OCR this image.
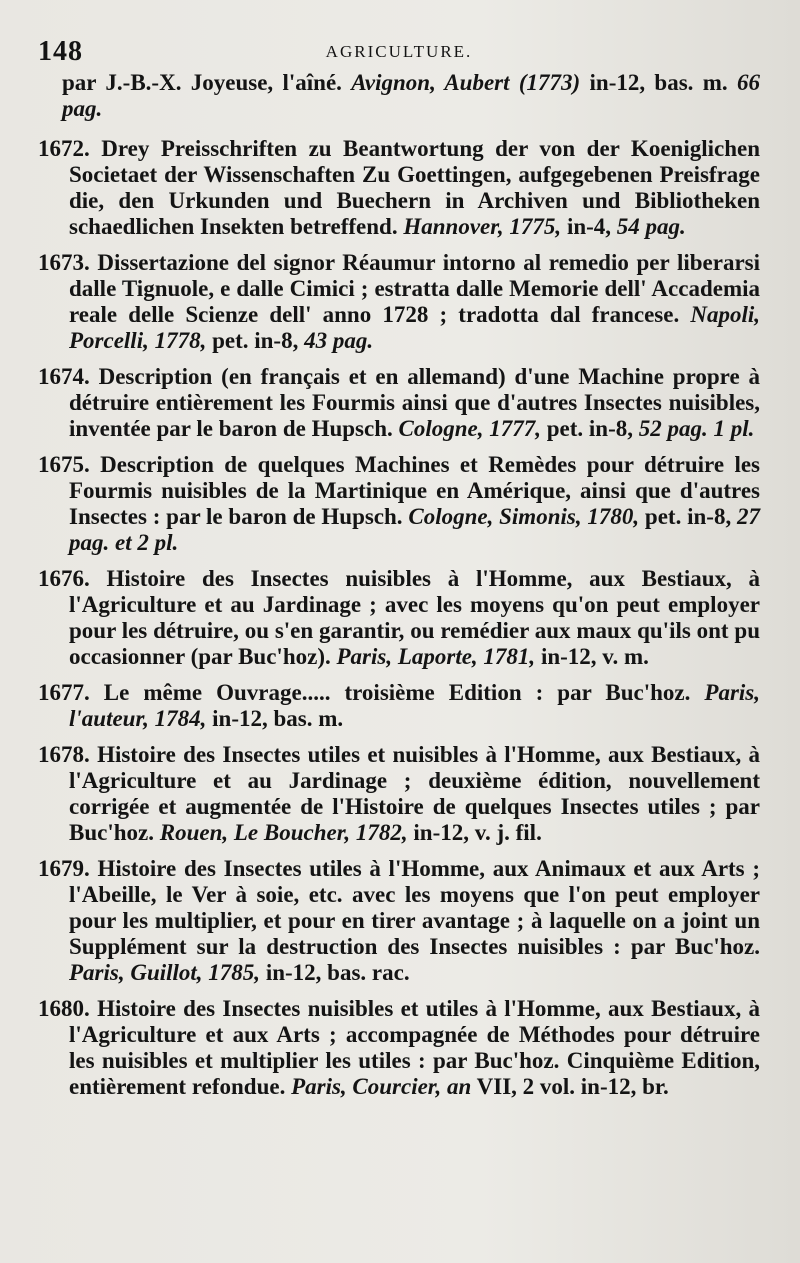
148	AGRICULTURE.
par J.-B.-X. Joyeuse, l'aîné. Avignon, Aubert (1773) in-12, bas. m. 66 pag.
1672. Drey Preisschriften zu Beantwortung der von der Koeniglichen Societaet der Wissenschaften Zu Goettingen, aufgegebenen Preisfrage die, den Urkunden und Buechern in Archiven und Bibliotheken schaedlichen Insekten betreffend. Hannover, 1775, in-4, 54 pag.
1673. Dissertazione del signor Réaumur intorno al remedio per liberarsi dalle Tignuole, e dalle Cimici ; estratta dalle Memorie dell' Accademia reale delle Scienze dell' anno 1728 ; tradotta dal francese. Napoli, Porcelli, 1778, pet. in-8, 43 pag.
1674. Description (en français et en allemand) d'une Machine propre à détruire entièrement les Fourmis ainsi que d'autres Insectes nuisibles, inventée par le baron de Hupsch. Cologne, 1777, pet. in-8, 52 pag. 1 pl.
1675. Description de quelques Machines et Remèdes pour détruire les Fourmis nuisibles de la Martinique en Amérique, ainsi que d'autres Insectes : par le baron de Hupsch. Cologne, Simonis, 1780, pet. in-8, 27 pag. et 2 pl.
1676. Histoire des Insectes nuisibles à l'Homme, aux Bestiaux, à l'Agriculture et au Jardinage ; avec les moyens qu'on peut employer pour les détruire, ou s'en garantir, ou remédier aux maux qu'ils ont pu occasionner (par Buc'hoz). Paris, Laporte, 1781, in-12, v. m.
1677. Le même Ouvrage..... troisième Edition : par Buc'hoz. Paris, l'auteur, 1784, in-12, bas. m.
1678. Histoire des Insectes utiles et nuisibles à l'Homme, aux Bestiaux, à l'Agriculture et au Jardinage ; deuxième édition, nouvellement corrigée et augmentée de l'Histoire de quelques Insectes utiles ; par Buc'hoz. Rouen, Le Boucher, 1782, in-12, v. j. fil.
1679. Histoire des Insectes utiles à l'Homme, aux Animaux et aux Arts ; l'Abeille, le Ver à soie, etc. avec les moyens que l'on peut employer pour les multiplier, et pour en tirer avantage ; à laquelle on a joint un Supplément sur la destruction des Insectes nuisibles : par Buc'hoz. Paris, Guillot, 1785, in-12, bas. rac.
1680. Histoire des Insectes nuisibles et utiles à l'Homme, aux Bestiaux, à l'Agriculture et aux Arts ; accompagnée de Méthodes pour détruire les nuisibles et multiplier les utiles : par Buc'hoz. Cinquième Edition, entièrement refondue. Paris, Courcier, an VII, 2 vol. in-12, br.
